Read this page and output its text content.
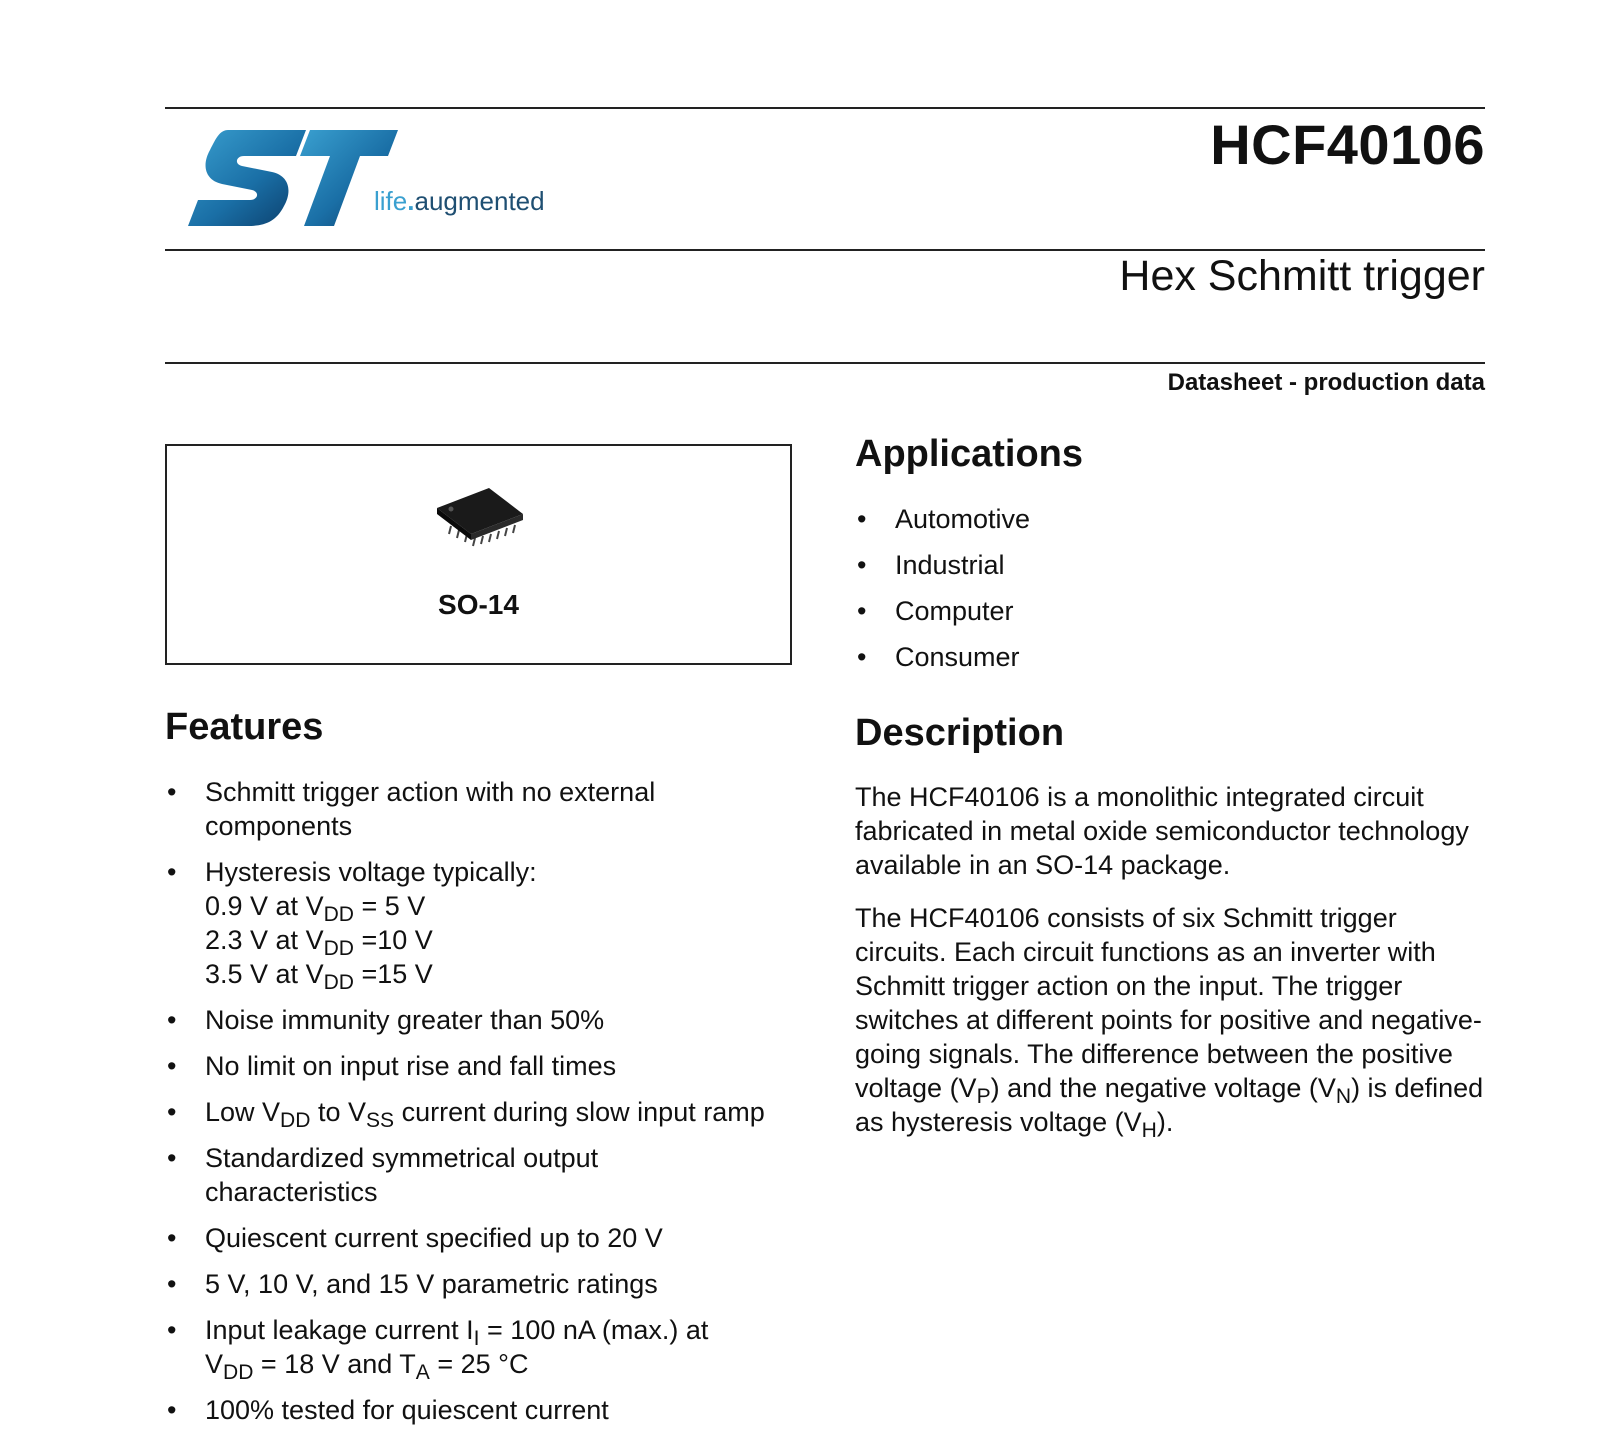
life.augmented
HCF40106
Hex Schmitt trigger
Datasheet - production data
SO-14
Applications
• Automotive
• Industrial
• Computer
• Consumer
Description

The HCF40106 is a monolithic integrated circuit fabricated in metal oxide semiconductor technology available in an SO-14 package.

The HCF40106 consists of six Schmitt trigger circuits. Each circuit functions as an inverter with Schmitt trigger action on the input. The trigger switches at different points for positive and negative-going signals. The difference between the positive voltage $(V_P)$ and the negative voltage $(V_N)$ is defined as hysteresis voltage $(V_H)$.

Features
• Schmitt trigger action with no external
components
• Hysteresis voltage typically:
0.9 V at $V_{DD} = 5$ V
2.3 V at $V_{DD} =10$ V
3.5 V at $V_{DD} =15$ V
• Noise immunity greater than 50%
• No limit on input rise and fall times
• Low $V_{DD}$ to $V_{SS}$ current during slow input ramp
• Standardized symmetrical output
characteristics
• Quiescent current specified up to 20 V
• 5 V, 10 V, and 15 V parametric ratings
• Input leakage current $I_I = 100$ nA (max.) at
$V_{DD} = 18$ V and $T_A = 25$ °C
• 100% tested for quiescent current
